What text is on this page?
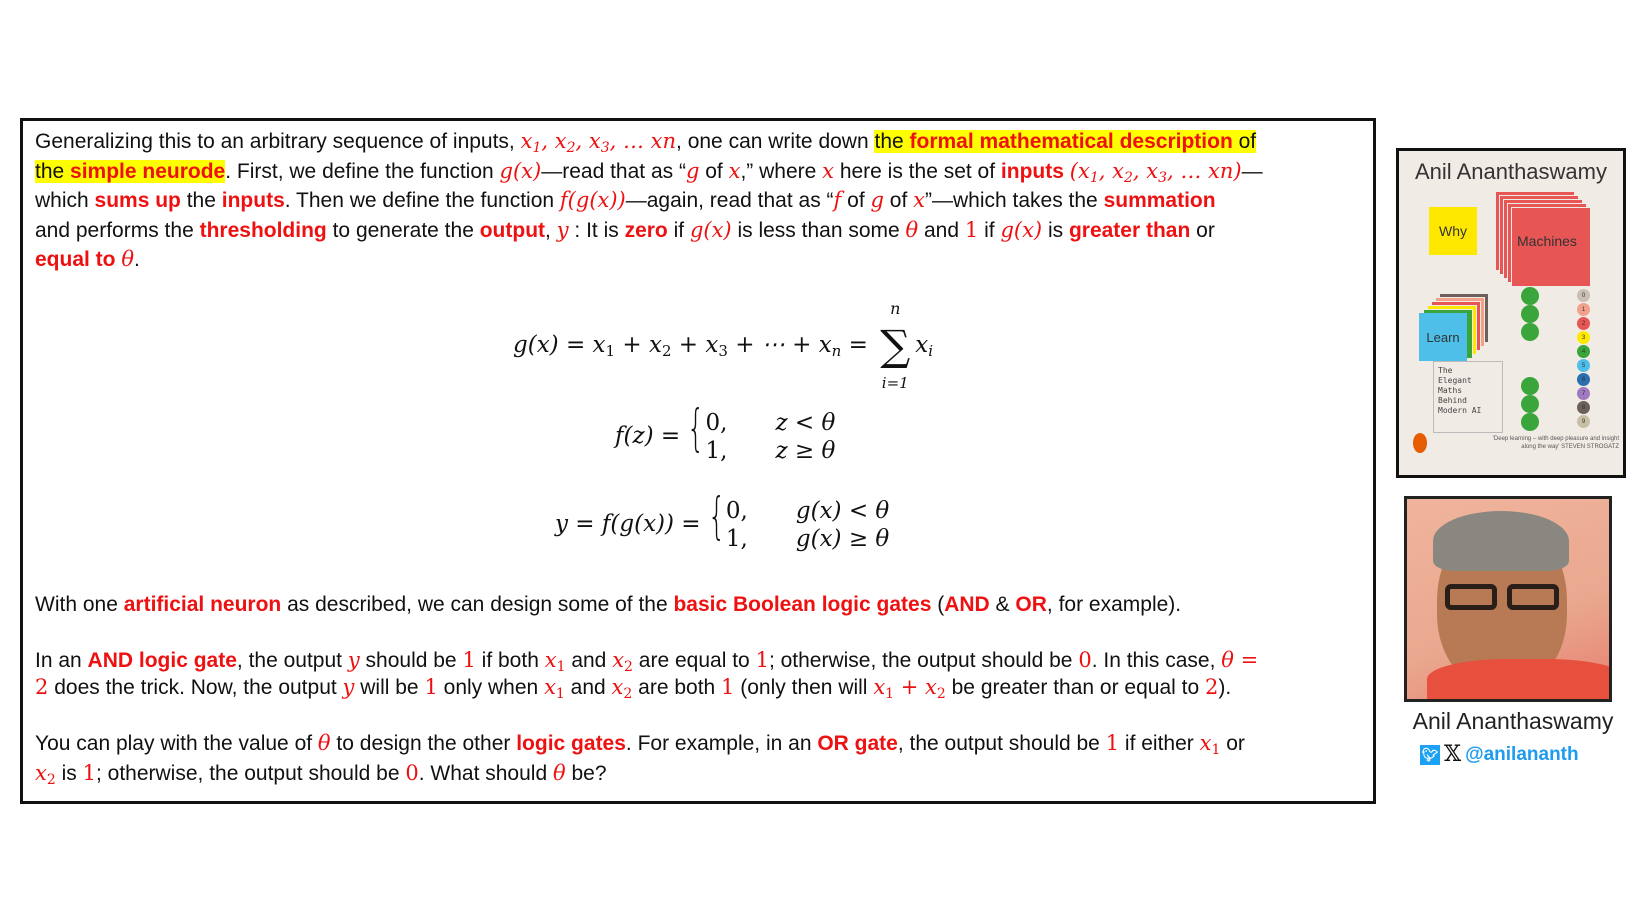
Generalizing this to an arbitrary sequence of inputs, $x_1$, $x_2$, $x_3$, … xn, one can write down the formal mathematical description of
the simple neurode. First, we define the function g(x)—read that as “g of x,” where x here is the set of inputs ($x_1$, $x_2$, $x_3$, … xn)—
which sums up the inputs. Then we define the function f(g(x))—again, read that as “f of g of x”—which takes the summation
and performs the thresholding to generate the output, y : It is zero if g(x) is less than some θ and 1 if g(x) is greater than or
equal to θ.

$g(x) = x_1 + x_2 + x_3$ + ⋯ + $x_n$ =
n
∑
i=1
$x_i$
f(z) = { 0,	z < θ
1,	z ≥ θ
y = f(g(x)) = { 0,	g(x) < θ
1,	g(x) ≥ θ

With one artificial neuron as described, we can design some of the basic Boolean logic gates (AND & OR, for example).

In an AND logic gate, the output y should be 1 if both $x_1$ and $x_2$ are equal to 1; otherwise, the output should be 0. In this case, θ =
2 does the trick. Now, the output y will be 1 only when $x_1$ and $x_2$ are both 1 (only then will $x_1 + x_2$ be greater than or equal to 2).

You can play with the value of θ to design the other logic gates. For example, in an OR gate, the output should be 1 if either $x_1$ or
$x_2$ is 1; otherwise, the output should be 0. What should θ be?

Anil Ananthaswamy
Why
Machines
Learn
0
1
2
3
4
5
6
7
8
9
The
Elegant
Maths
Behind
Modern AI
'Deep learning – with deep pleasure and insight along the way' STEVEN STROGATZ
Anil Ananthaswamy
🐦︎ 𝕏 @anilananth
